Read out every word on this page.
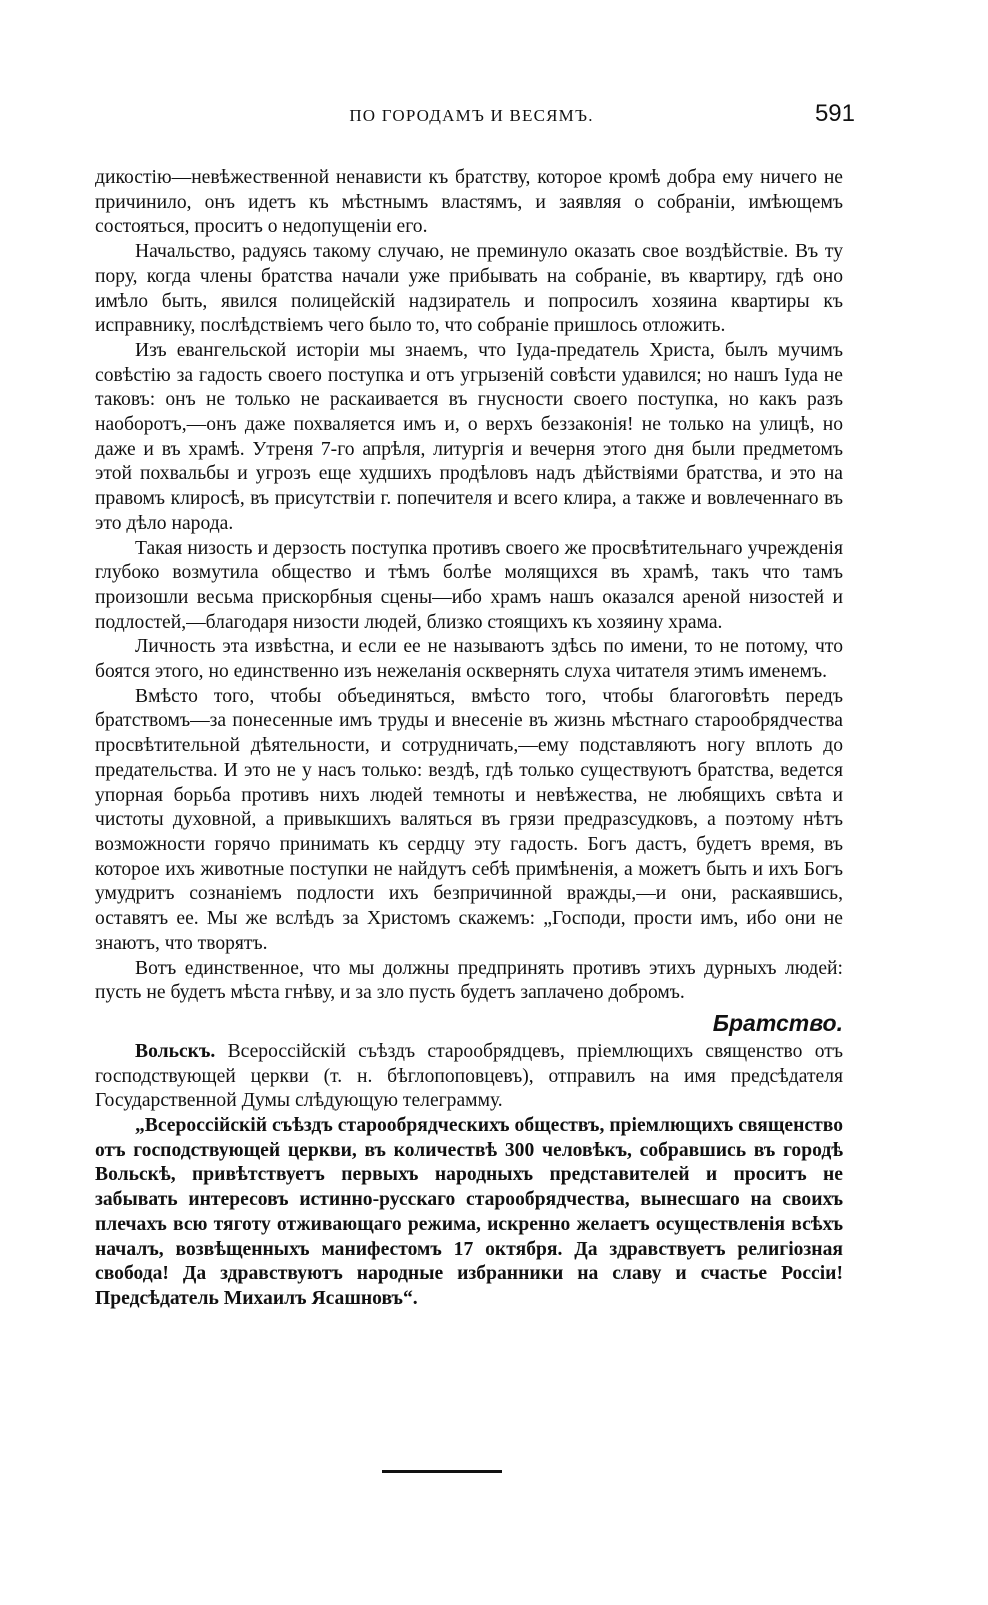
ПО ГОРОДАМЪ И ВЕСЯМЪ.	591

дикостiю—невѣжественной ненависти къ братству, которое кромѣ добра ему ничего не причинило, онъ идетъ къ мѣстнымъ властямъ, и заявляя о собранiи, имѣющемъ состояться, проситъ о недопущенiи его.

Начальство, радуясь такому случаю, не преминуло оказать свое воздѣйствiе. Въ ту пору, когда члены братства начали уже прибывать на собранiе, въ квартиру, гдѣ оно имѣло быть, явился полицейскiй надзиратель и попросилъ хозяина квартиры къ исправнику, послѣдствiемъ чего было то, что собранiе пришлось отложить.

Изъ евангельской исторiи мы знаемъ, что Iуда-предатель Христа, былъ мучимъ совѣстiю за гадость своего поступка и отъ угрызенiй совѣсти удавился; но нашъ Iуда не таковъ: онъ не только не раскаивается въ гнусности своего поступка, но какъ разъ наоборотъ,—онъ даже похваляется имъ и, о верхъ беззаконiя! не только на улицѣ, но даже и въ храмѣ. Утреня 7-го апрѣля, литургiя и вечерня этого дня были предметомъ этой похвальбы и угрозъ еще худшихъ продѣловъ надъ дѣйствiями братства, и это на правомъ клиросѣ, въ присутствiи г. попечителя и всего клира, а также и вовлеченнаго въ это дѣло народа.

Такая низость и дерзость поступка противъ своего же просвѣтительнаго учрежденiя глубоко возмутила общество и тѣмъ болѣе молящихся въ храмѣ, такъ что тамъ произошли весьма прискорбныя сцены—ибо храмъ нашъ оказался ареной низостей и подлостей,—благодаря низости людей, близко стоящихъ къ хозяину храма.

Личность эта извѣстна, и если ее не называютъ здѣсь по имени, то не потому, что боятся этого, но единственно изъ нежеланiя осквернять слуха читателя этимъ именемъ.

Вмѣсто того, чтобы объединяться, вмѣсто того, чтобы благоговѣть передъ братствомъ—за понесенные имъ труды и внесенiе въ жизнь мѣстнаго старообрядчества просвѣтительной дѣятельности, и сотрудничать,—ему подставляютъ ногу вплоть до предательства. И это не у насъ только: вездѣ, гдѣ только существуютъ братства, ведется упорная борьба противъ нихъ людей темноты и невѣжества, не любящихъ свѣта и чистоты духовной, а привыкшихъ валяться въ грязи предразсудковъ, а поэтому нѣтъ возможности горячо принимать къ сердцу эту гадость. Богъ дастъ, будетъ время, въ которое ихъ животные поступки не найдутъ себѣ примѣненiя, а можетъ быть и ихъ Богъ умудритъ сознанiемъ подлости ихъ безпричинной вражды,—и они, раскаявшись, оставятъ ее. Мы же вслѣдъ за Христомъ скажемъ: „Господи, прости имъ, ибо они не знаютъ, что творятъ.

Вотъ единственное, что мы должны предпринять противъ этихъ дурныхъ людей: пусть не будетъ мѣста гнѣву, и за зло пусть будетъ заплачено добромъ.

Братство.

Вольскъ. Всероссiйскiй съѣздъ старообрядцевъ, прiемлющихъ священство отъ господствующей церкви (т. н. бѣглопоповцевъ), отправилъ на имя предсѣдателя Государственной Думы слѣдующую телеграмму.

„Всероссiйскiй съѣздъ старообрядческихъ обществъ, прiемлющихъ священство отъ господствующей церкви, въ количествѣ 300 человѣкъ, собравшись въ городѣ Вольскѣ, привѣтствуетъ первыхъ народныхъ представителей и проситъ не забывать интересовъ истинно-русскаго старообрядчества, вынесшаго на своихъ плечахъ всю тяготу отживающаго режима, искренно желаетъ осуществленiя всѣхъ началъ, возвѣщенныхъ манифестомъ 17 октября. Да здравствуетъ религiозная свобода! Да здравствуютъ народные избранники на славу и счастье Россiи! Предсѣдатель Михаилъ Ясашновъ“.
